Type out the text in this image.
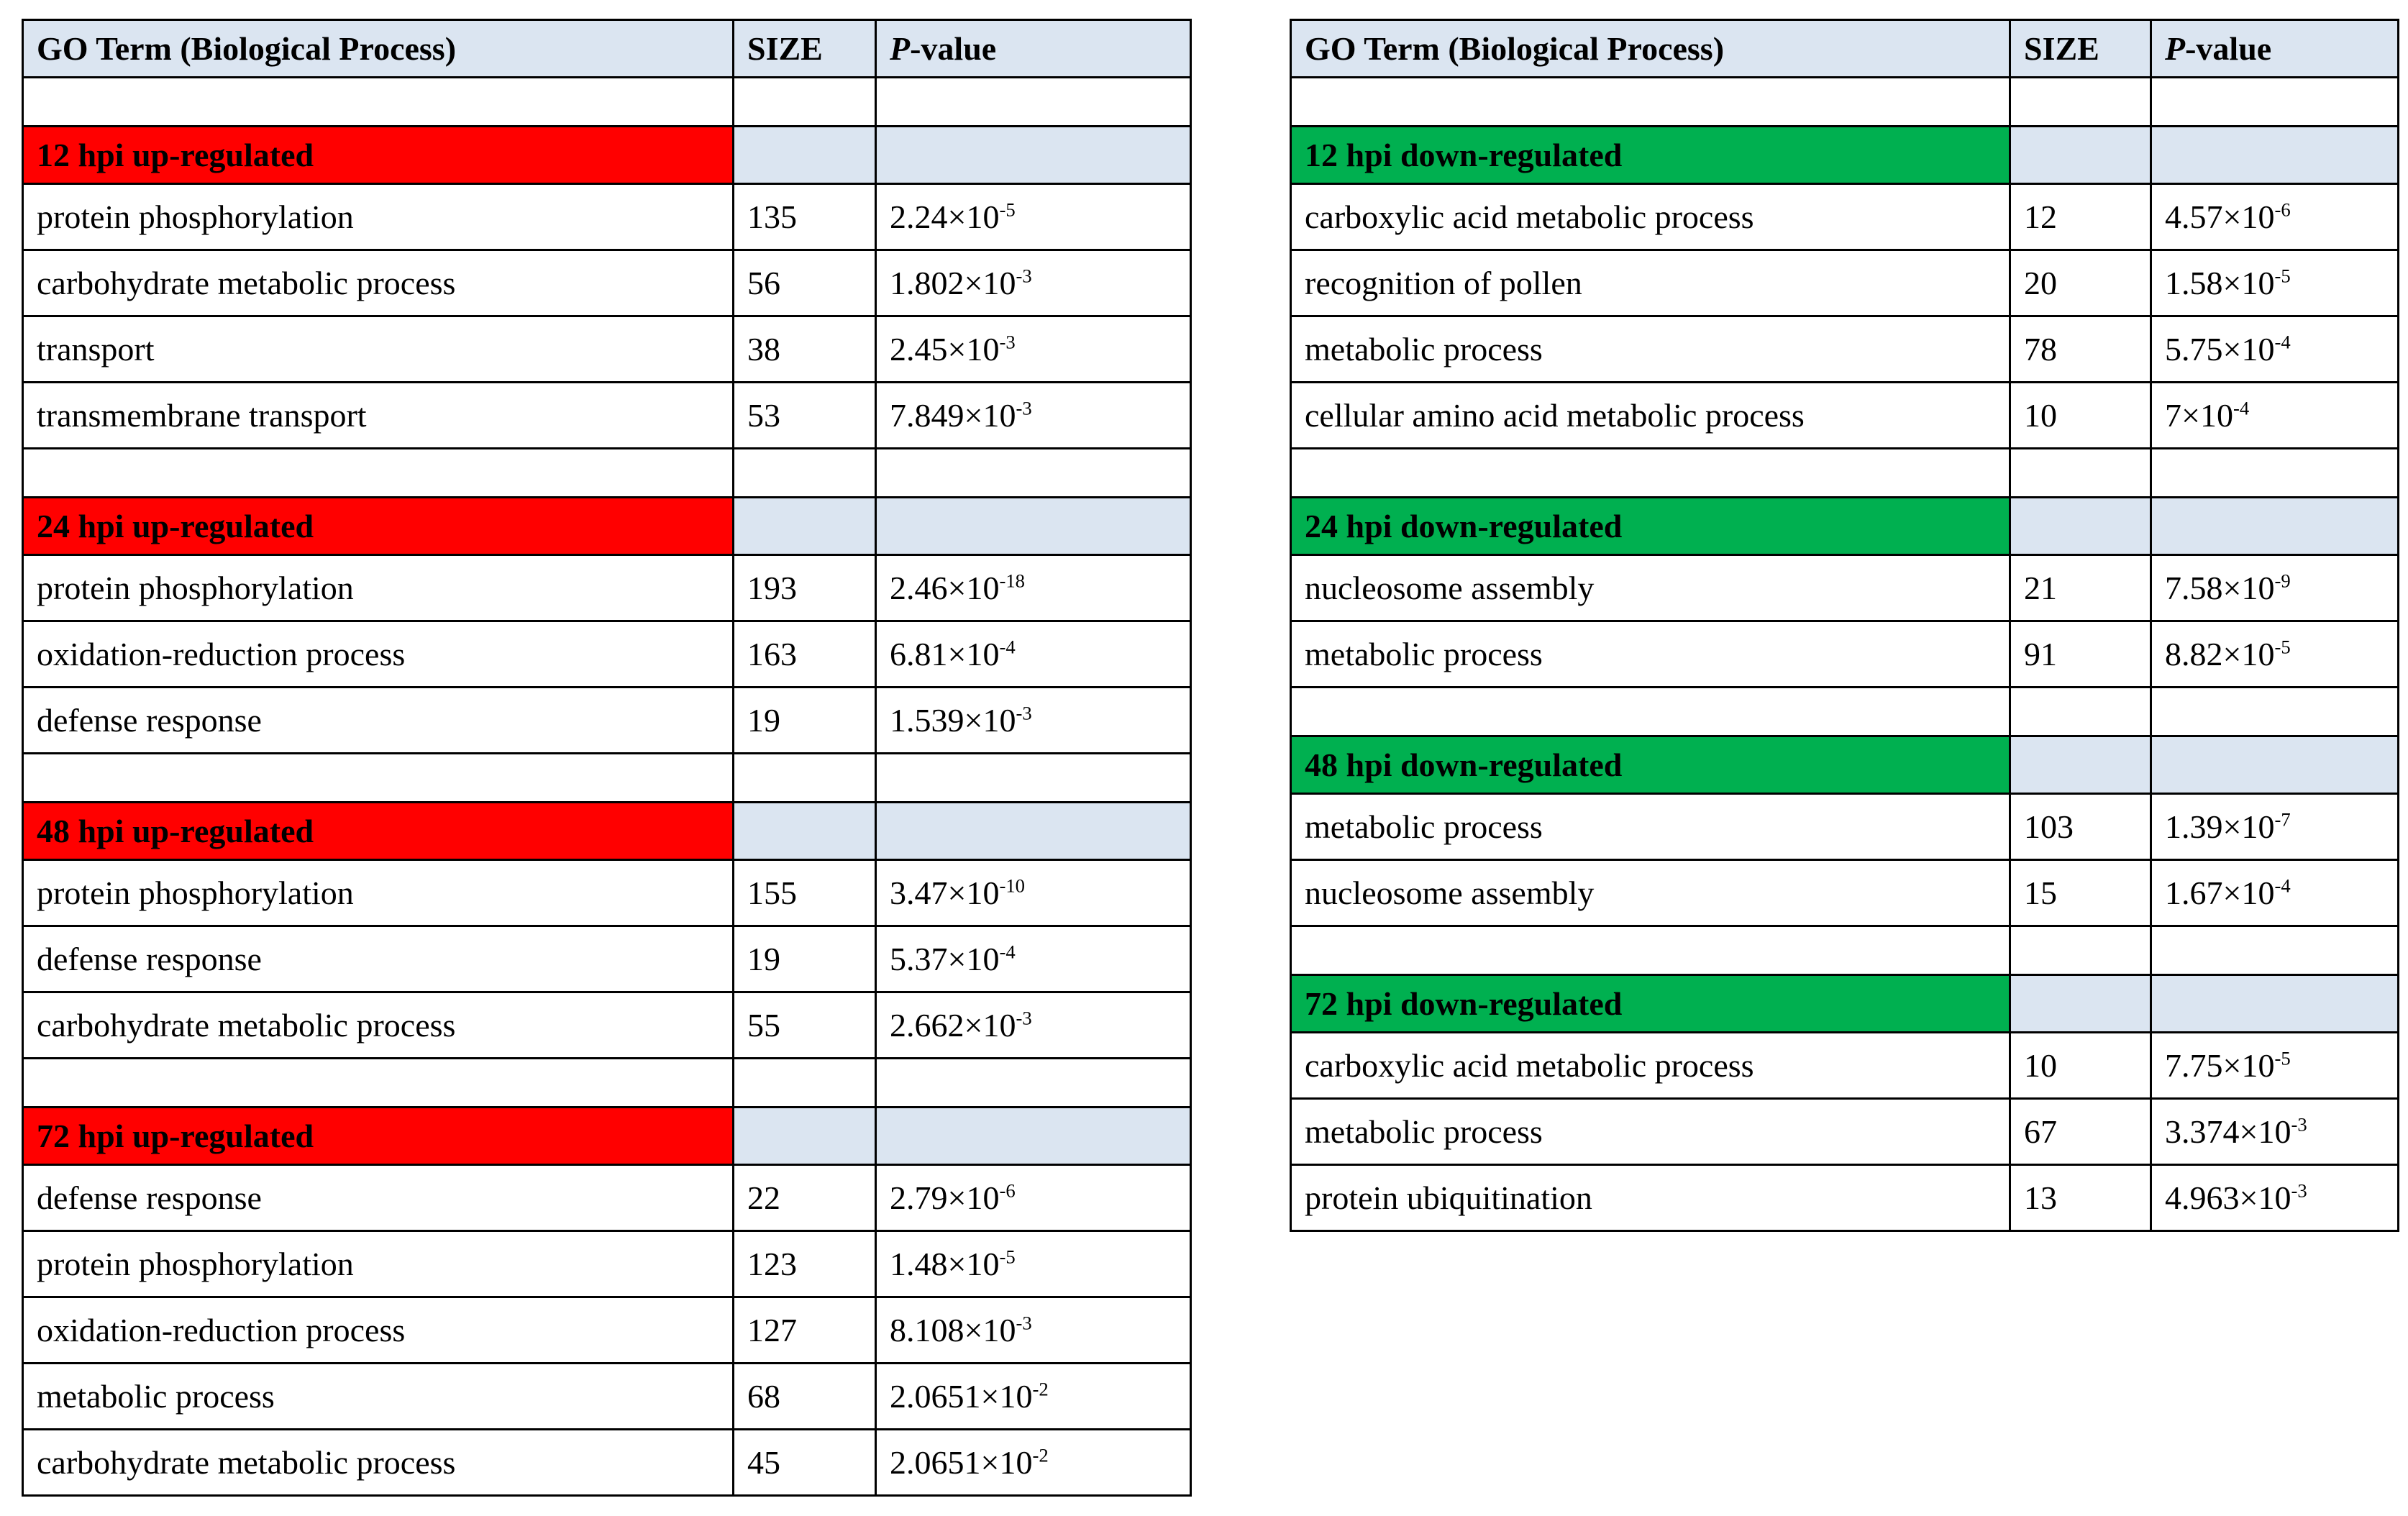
GO Term (Biological Process)	SIZE	P-value

12 hpi up-regulated		
protein phosphorylation	135	$2.24\times 10^{-5}$
carbohydrate metabolic process	56	$1.802\times 10^{-3}$
transport	38	$2.45\times 10^{-3}$
transmembrane transport	53	$7.849\times 10^{-3}$

24 hpi up-regulated		
protein phosphorylation	193	$2.46\times 10^{-18}$
oxidation-reduction process	163	$6.81\times 10^{-4}$
defense response	19	$1.539\times 10^{-3}$

48 hpi up-regulated		
protein phosphorylation	155	$3.47\times 10^{-10}$
defense response	19	$5.37\times 10^{-4}$
carbohydrate metabolic process	55	$2.662\times 10^{-3}$

72 hpi up-regulated		
defense response	22	$2.79\times 10^{-6}$
protein phosphorylation	123	$1.48\times 10^{-5}$
oxidation-reduction process	127	$8.108\times 10^{-3}$
metabolic process	68	$2.0651\times 10^{-2}$
carbohydrate metabolic process	45	$2.0651\times 10^{-2}$
GO Term (Biological Process)	SIZE	P-value

12 hpi down-regulated		
carboxylic acid metabolic process	12	$4.57\times 10^{-6}$
recognition of pollen	20	$1.58\times 10^{-5}$
metabolic process	78	$5.75\times 10^{-4}$
cellular amino acid metabolic process	10	$7\times 10^{-4}$

24 hpi down-regulated		
nucleosome assembly	21	$7.58\times 10^{-9}$
metabolic process	91	$8.82\times 10^{-5}$

48 hpi down-regulated		
metabolic process	103	$1.39\times 10^{-7}$
nucleosome assembly	15	$1.67\times 10^{-4}$

72 hpi down-regulated		
carboxylic acid metabolic process	10	$7.75\times 10^{-5}$
metabolic process	67	$3.374\times 10^{-3}$
protein ubiquitination	13	$4.963\times 10^{-3}$
